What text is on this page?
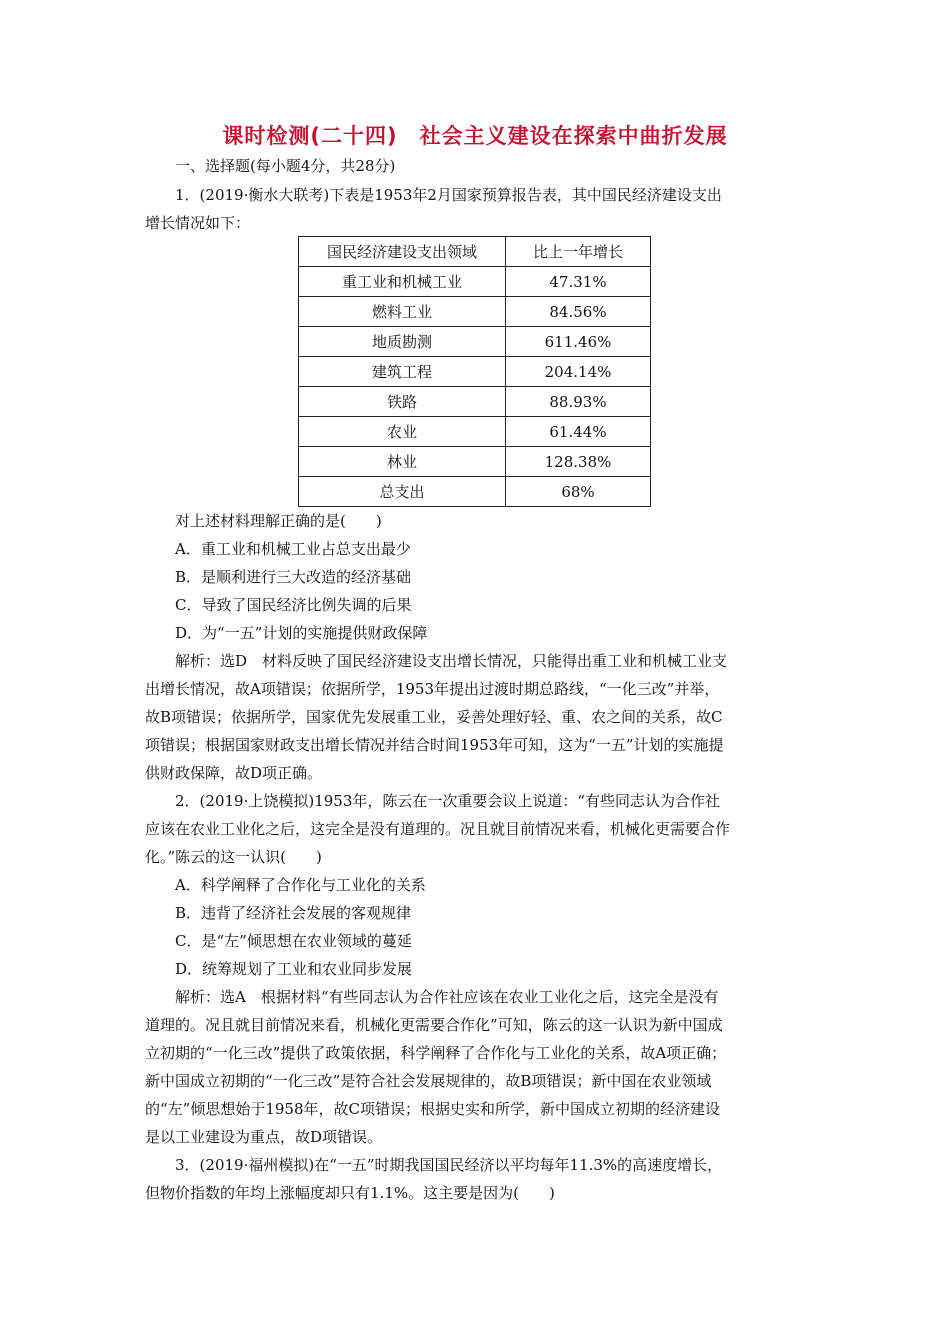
课时检测(二十四)　社会主义建设在探索中曲折发展
一、选择题(每小题4分，共28分)
1．(2019·衡水大联考)下表是1953年2月国家预算报告表，其中国民经济建设支出
增长情况如下：
国民经济建设支出领域	比上一年增长
重工业和机械工业	47.31%
燃料工业	84.56%
地质勘测	611.46%
建筑工程	204.14%
铁路	88.93%
农业	61.44%
林业	128.38%
总支出	68%
对上述材料理解正确的是(　　)
A．重工业和机械工业占总支出最少
B．是顺利进行三大改造的经济基础
C．导致了国民经济比例失调的后果
D．为“一五”计划的实施提供财政保障
解析：选D　材料反映了国民经济建设支出增长情况，只能得出重工业和机械工业支
出增长情况，故A项错误；依据所学，1953年提出过渡时期总路线，“一化三改”并举，
故B项错误；依据所学，国家优先发展重工业，妥善处理好轻、重、农之间的关系，故C
项错误；根据国家财政支出增长情况并结合时间1953年可知，这为“一五”计划的实施提
供财政保障，故D项正确。
2．(2019·上饶模拟)1953年，陈云在一次重要会议上说道：“有些同志认为合作社
应该在农业工业化之后，这完全是没有道理的。况且就目前情况来看，机械化更需要合作
化。”陈云的这一认识(　　)
A．科学阐释了合作化与工业化的关系
B．违背了经济社会发展的客观规律
C．是“左”倾思想在农业领域的蔓延
D．统筹规划了工业和农业同步发展
解析：选A　根据材料“有些同志认为合作社应该在农业工业化之后，这完全是没有
道理的。况且就目前情况来看，机械化更需要合作化”可知，陈云的这一认识为新中国成
立初期的“一化三改”提供了政策依据，科学阐释了合作化与工业化的关系，故A项正确；
新中国成立初期的“一化三改”是符合社会发展规律的，故B项错误；新中国在农业领域
的“左”倾思想始于1958年，故C项错误；根据史实和所学，新中国成立初期的经济建设
是以工业建设为重点，故D项错误。
3．(2019·福州模拟)在“一五”时期我国国民经济以平均每年11.3%的高速度增长，
但物价指数的年均上涨幅度却只有1.1%。这主要是因为(　　)
